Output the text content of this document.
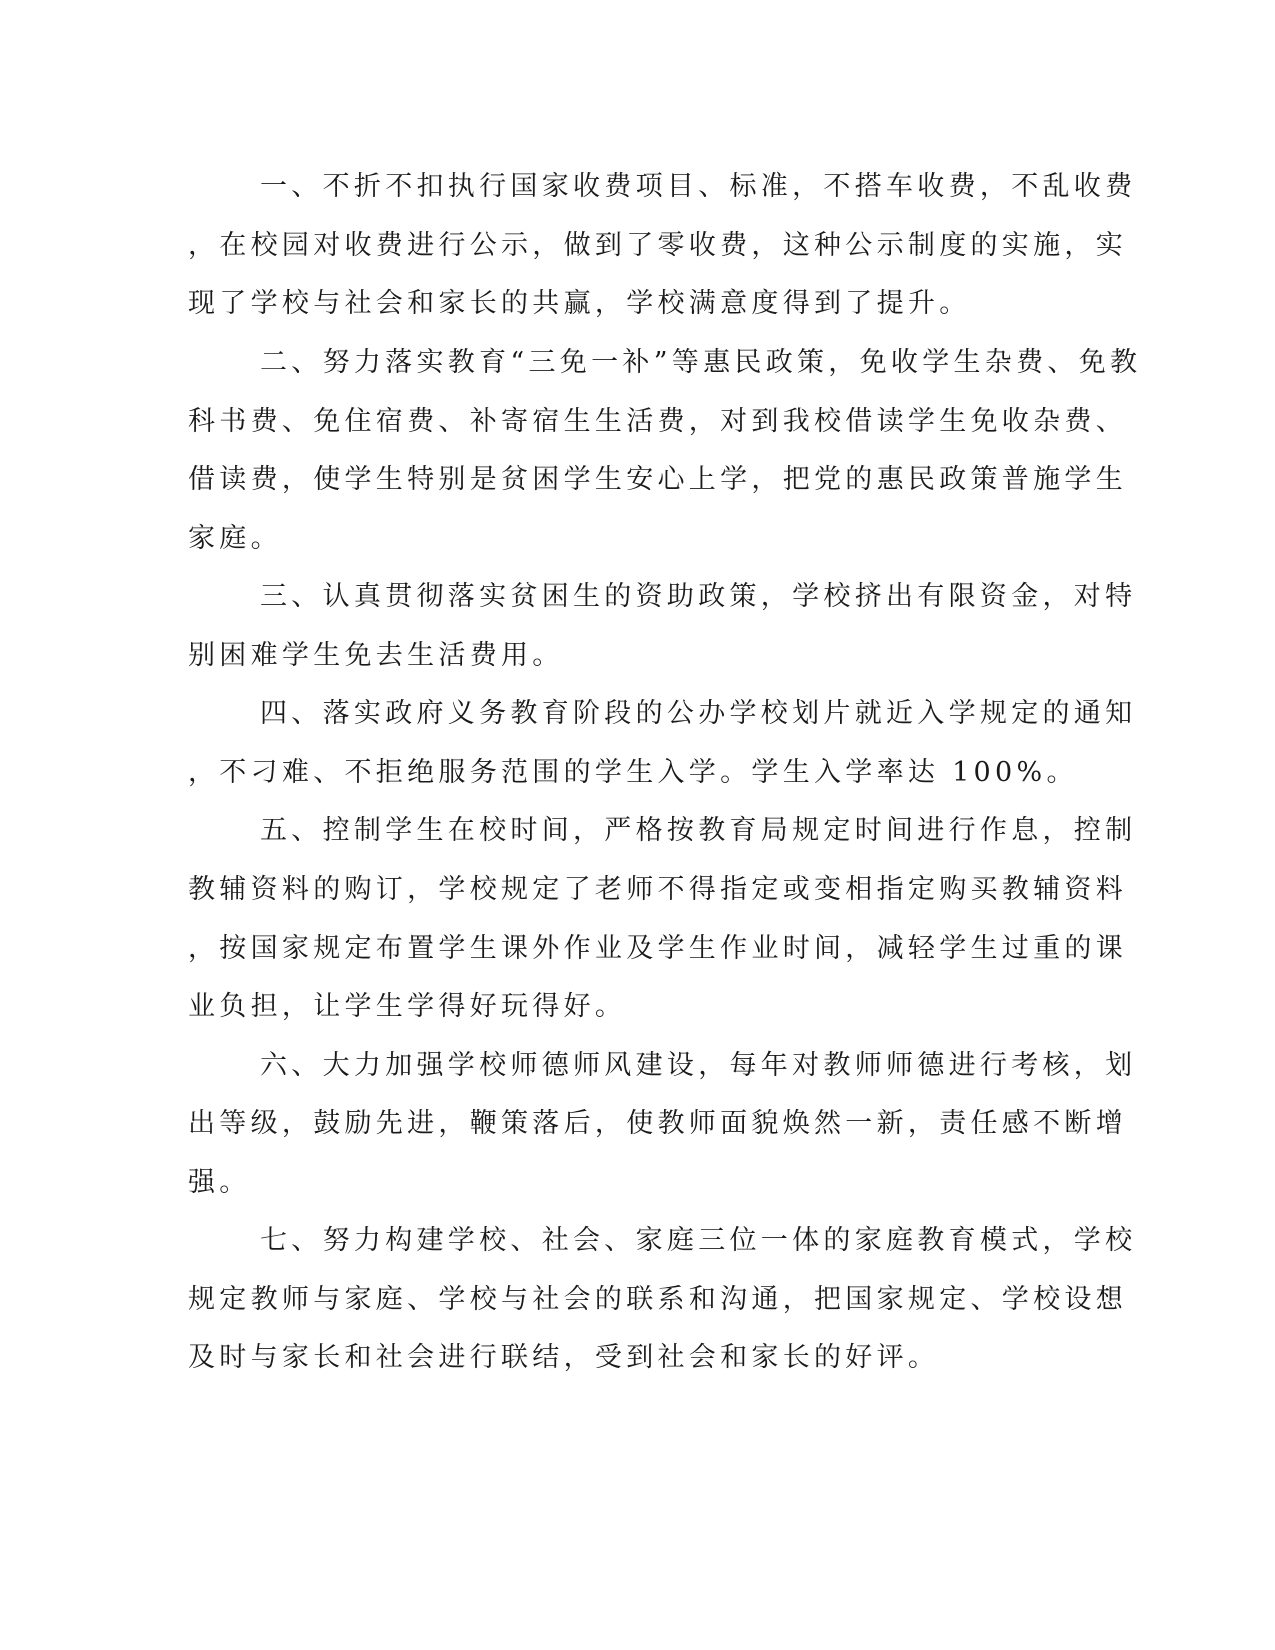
一、不折不扣执行国家收费项目、标准，不搭车收费，不乱收费

，在校园对收费进行公示，做到了零收费，这种公示制度的实施，实

现了学校与社会和家长的共赢，学校满意度得到了提升。

二、努力落实教育“三免一补”等惠民政策，免收学生杂费、免教

科书费、免住宿费、补寄宿生生活费，对到我校借读学生免收杂费、

借读费，使学生特别是贫困学生安心上学，把党的惠民政策普施学生

家庭。

三、认真贯彻落实贫困生的资助政策，学校挤出有限资金，对特

别困难学生免去生活费用。

四、落实政府义务教育阶段的公办学校划片就近入学规定的通知

，不刁难、不拒绝服务范围的学生入学。学生入学率达 100%。

五、控制学生在校时间，严格按教育局规定时间进行作息，控制

教辅资料的购订，学校规定了老师不得指定或变相指定购买教辅资料

，按国家规定布置学生课外作业及学生作业时间，减轻学生过重的课

业负担，让学生学得好玩得好。

六、大力加强学校师德师风建设，每年对教师师德进行考核，划

出等级，鼓励先进，鞭策落后，使教师面貌焕然一新，责任感不断增

强。

七、努力构建学校、社会、家庭三位一体的家庭教育模式，学校

规定教师与家庭、学校与社会的联系和沟通，把国家规定、学校设想

及时与家长和社会进行联结，受到社会和家长的好评。
